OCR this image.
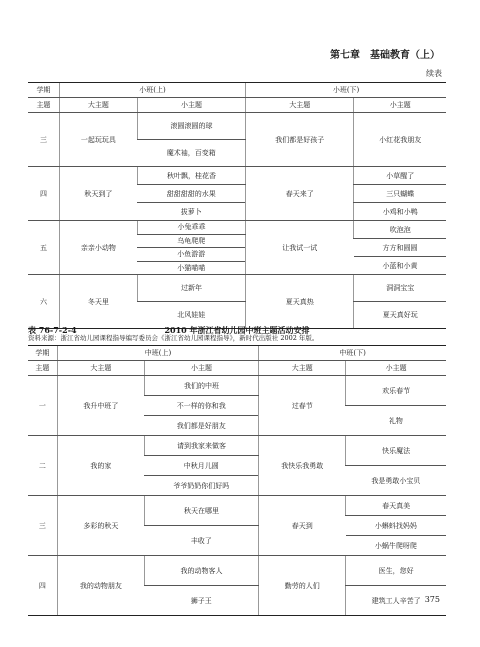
第七章　基础教育（上）
续表
学期	小班(上)		小班(下)	
主题	大主题	小主题	大主题	小主题
三	一起玩玩具	滚圆滚圆的球	我们都是好孩子	小红花我朋友
		魔术袖，百变箱		
四	秋天到了	秋叶飘，桂花香	春天来了	小草醒了

		甜甜甜甜的水果		三只蝴蝶

		拔萝卜		小鸡和小鸭

五	亲亲小动物	小兔乖乖	让我试一试	吹泡泡

		乌龟爬爬		
				方方和圆圆

		小鱼游游		

				小蓝和小黄
		小猫喵喵		

六	冬天里	过新年	夏天真热	洞洞宝宝

		北风娃娃		夏天真好玩

资料来源：浙江省幼儿园课程指导编写委员会《浙江省幼儿园课程指导》，新时代出版社 2002 年版。
表 76-7-2-4	2010 年浙江省幼儿园中班主题活动安排
学期	中班(上)		中班(下)	
主题	大主题	小主题	大主题	小主题
一	我升中班了	我们的中班	过春节	欢乐春节

		不一样的你和我		
				礼物
		我们都是好朋友		

二	我的家	请到我家来做客	我快乐我勇敢	快乐魔法

		中秋月儿圆		
				我是勇敢小宝贝
		爷爷奶奶你们好吗		

三	多彩的秋天	秋天在哪里	春天到	春天真美

				小蝌蚪找妈妈
		丰收了		
				小蜗牛爬呀爬

四	我的动物朋友	我的动物客人	勤劳的人们	医生，您好

		狮子王		建筑工人辛苦了 375
